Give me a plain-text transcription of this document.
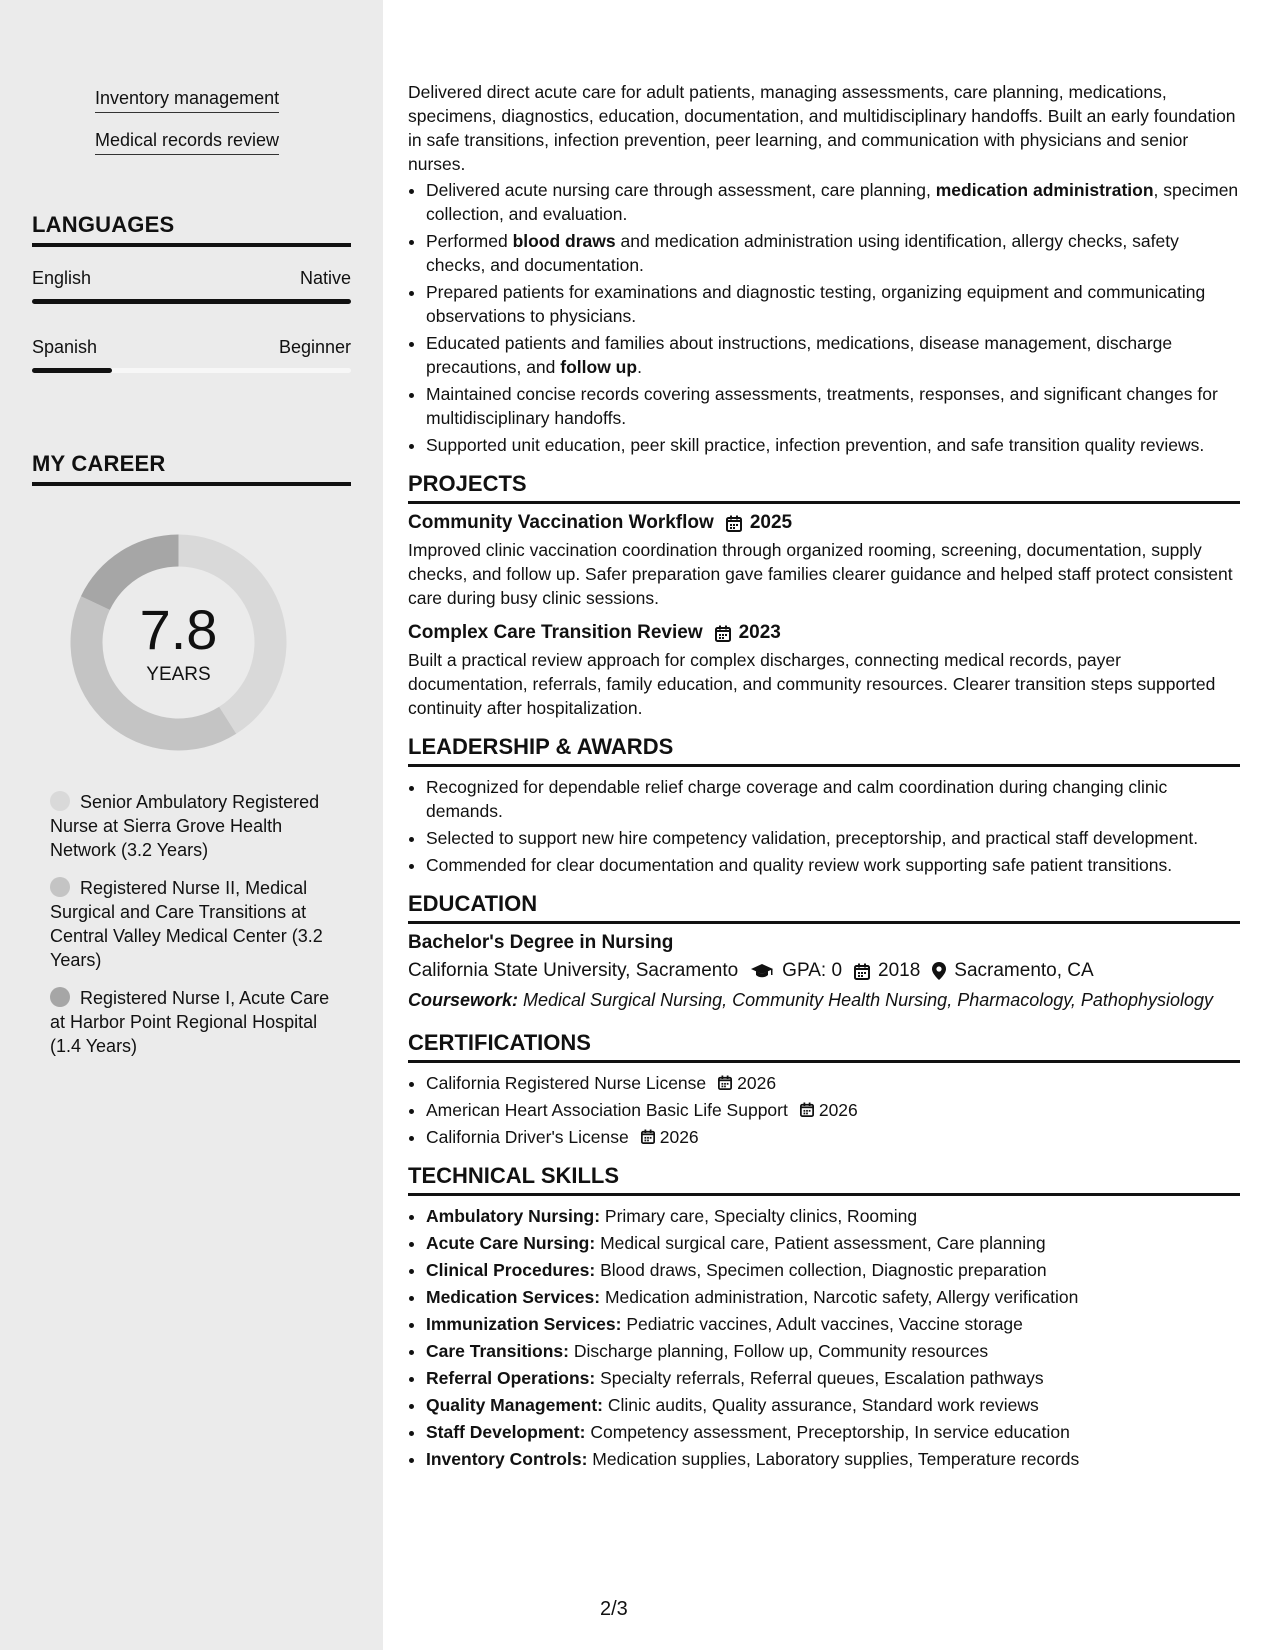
Inventory management
Medical records review
LANGUAGES
English	Native
Spanish	Beginner
MY CAREER
7.8
YEARS
Senior Ambulatory Registered Nurse at Sierra Grove Health Network (3.2 Years)
Registered Nurse II, Medical Surgical and Care Transitions at Central Valley Medical Center (3.2 Years)
Registered Nurse I, Acute Care at Harbor Point Regional Hospital (1.4 Years)

Delivered direct acute care for adult patients, managing assessments, care planning, medications, specimens, diagnostics, education, documentation, and multidisciplinary handoffs. Built an early foundation in safe transitions, infection prevention, peer learning, and communication with physicians and senior nurses.

• Delivered acute nursing care through assessment, care planning, medication administration, specimen collection, and evaluation.
• Performed blood draws and medication administration using identification, allergy checks, safety checks, and documentation.
• Prepared patients for examinations and diagnostic testing, organizing equipment and communicating observations to physicians.
• Educated patients and families about instructions, medications, disease management, discharge precautions, and follow up.
• Maintained concise records covering assessments, treatments, responses, and significant changes for multidisciplinary handoffs.
• Supported unit education, peer skill practice, infection prevention, and safe transition quality reviews.
PROJECTS
Community Vaccination Workflow 2025

Improved clinic vaccination coordination through organized rooming, screening, documentation, supply checks, and follow up. Safer preparation gave families clearer guidance and helped staff protect consistent care during busy clinic sessions.

Complex Care Transition Review 2023

Built a practical review approach for complex discharges, connecting medical records, payer documentation, referrals, family education, and community resources. Clearer transition steps supported continuity after hospitalization.

LEADERSHIP & AWARDS
• Recognized for dependable relief charge coverage and calm coordination during changing clinic demands.
• Selected to support new hire competency validation, preceptorship, and practical staff development.
• Commended for clear documentation and quality review work supporting safe patient transitions.
EDUCATION
Bachelor's Degree in Nursing
California State University, Sacramento GPA: 0 2018 Sacramento, CA
Coursework: Medical Surgical Nursing, Community Health Nursing, Pharmacology, Pathophysiology
CERTIFICATIONS
• California Registered Nurse License 2026
• American Heart Association Basic Life Support 2026
• California Driver's License 2026
TECHNICAL SKILLS
• Ambulatory Nursing: Primary care, Specialty clinics, Rooming
• Acute Care Nursing: Medical surgical care, Patient assessment, Care planning
• Clinical Procedures: Blood draws, Specimen collection, Diagnostic preparation
• Medication Services: Medication administration, Narcotic safety, Allergy verification
• Immunization Services: Pediatric vaccines, Adult vaccines, Vaccine storage
• Care Transitions: Discharge planning, Follow up, Community resources
• Referral Operations: Specialty referrals, Referral queues, Escalation pathways
• Quality Management: Clinic audits, Quality assurance, Standard work reviews
• Staff Development: Competency assessment, Preceptorship, In service education
• Inventory Controls: Medication supplies, Laboratory supplies, Temperature records
2/3
